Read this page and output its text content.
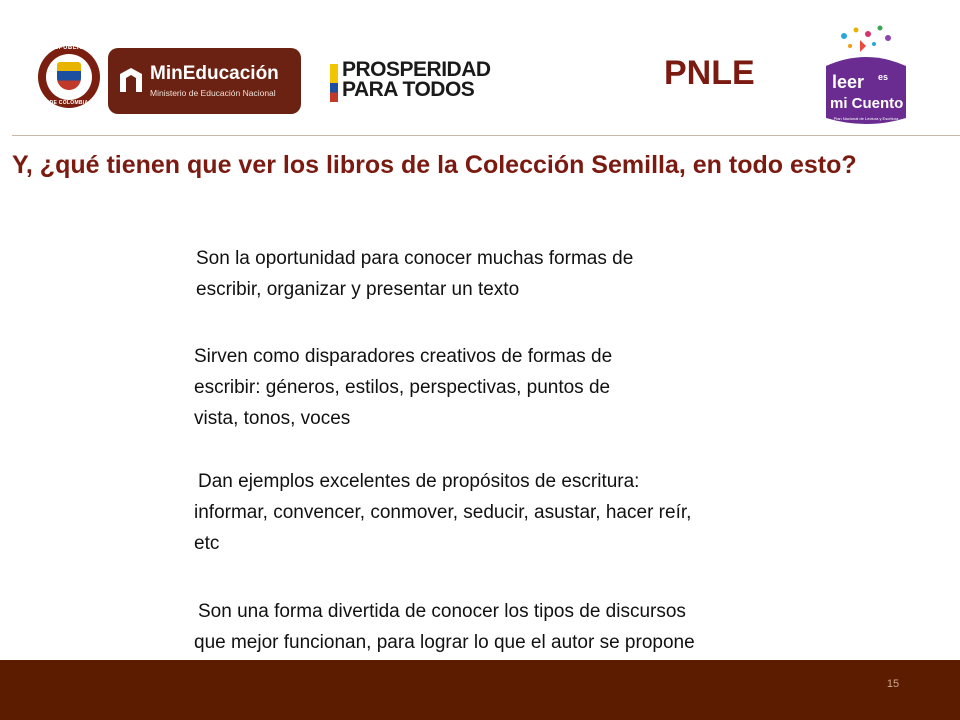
REPÚBLICA
DE COLOMBIA
MinEducación
Ministerio de Educación Nacional
PROSPERIDAD
PARA TODOS	PNLE	leer es
mi Cuento
Plan Nacional de Lectura y Escritura
Y, ¿qué tienen que ver los libros de la Colección Semilla, en todo esto?
Son la oportunidad para conocer muchas formas de
escribir, organizar y presentar un texto
Sirven como disparadores creativos de formas de
escribir: géneros, estilos, perspectivas, puntos de
vista, tonos, voces
Dan ejemplos excelentes de propósitos de escritura:
informar, convencer, conmover, seducir, asustar, hacer reír,
etc
Son una forma divertida de conocer los tipos de discursos
que mejor funcionan, para lograr lo que el autor se propone
15
